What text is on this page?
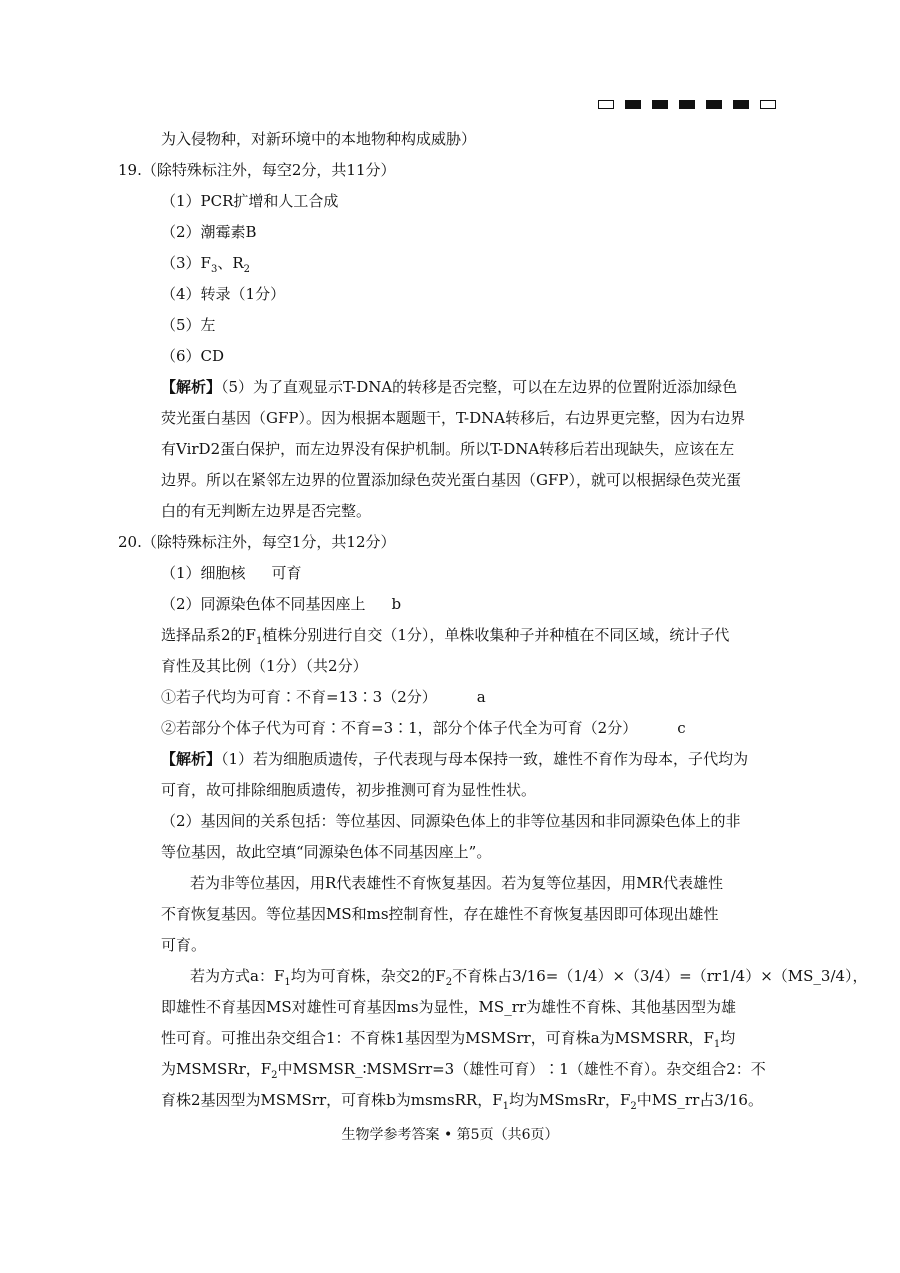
为入侵物种，对新环境中的本地物种构成威胁）
19.（除特殊标注外，每空2分，共11分）
（1）PCR扩增和人工合成
（2）潮霉素B
$(3)F_3$、$R_2$
（4）转录（1分）
（5）左
（6）CD
【解析】（5）为了直观显示T-DNA的转移是否完整，可以在左边界的位置附近添加绿色
荧光蛋白基因（GFP）。因为根据本题题干，T-DNA转移后，右边界更完整，因为右边界
有VirD2蛋白保护，而左边界没有保护机制。所以T-DNA转移后若出现缺失，应该在左
边界。所以在紧邻左边界的位置添加绿色荧光蛋白基因（GFP），就可以根据绿色荧光蛋
白的有无判断左边界是否完整。
20.（除特殊标注外，每空1分，共12分）
（1）细胞核 可育
（2）同源染色体不同基因座上 b
选择品系2的$F_1$植株分别进行自交（1分），单株收集种子并种植在不同区域，统计子代
育性及其比例（1分）（共2分）
①若子代均为可育∶不育=13∶3（2分）	a
②若部分个体子代为可育∶不育=3∶1，部分个体子代全为可育（2分）	c
【解析】（1）若为细胞质遗传，子代表现与母本保持一致，雄性不育作为母本，子代均为
可育，故可排除细胞质遗传，初步推测可育为显性性状。
（2）基因间的关系包括：等位基因、同源染色体上的非等位基因和非同源染色体上的非
等位基因，故此空填“同源染色体不同基因座上”。
若为非等位基因，用R代表雄性不育恢复基因。若为复等位基因，用MR代表雄性
不育恢复基因。等位基因MS和ms控制育性，存在雄性不育恢复基因即可体现出雄性
可育。
若为方式a：$F_1$均为可育株，杂交2的$F_2$不育株占3/16=（1/4）×（3/4）=（rr1/4）×（MS_3/4），
即雄性不育基因MS对雄性可育基因ms为显性，MS_rr为雄性不育株、其他基因型为雄
性可育。可推出杂交组合1：不育株1基因型为MSMSrr，可育株a为MSMSRR，$F_1$均
为MSMSRr，$F_2$中MSMSR_∶MSMSrr=3（雄性可育）∶1（雄性不育）。杂交组合2：不
育株2基因型为MSMSrr，可育株b为msmsRR，$F_1$均为MSmsRr，$F_2$中MS_rr占3/16。
生物学参考答案 • 第5页（共6页）
